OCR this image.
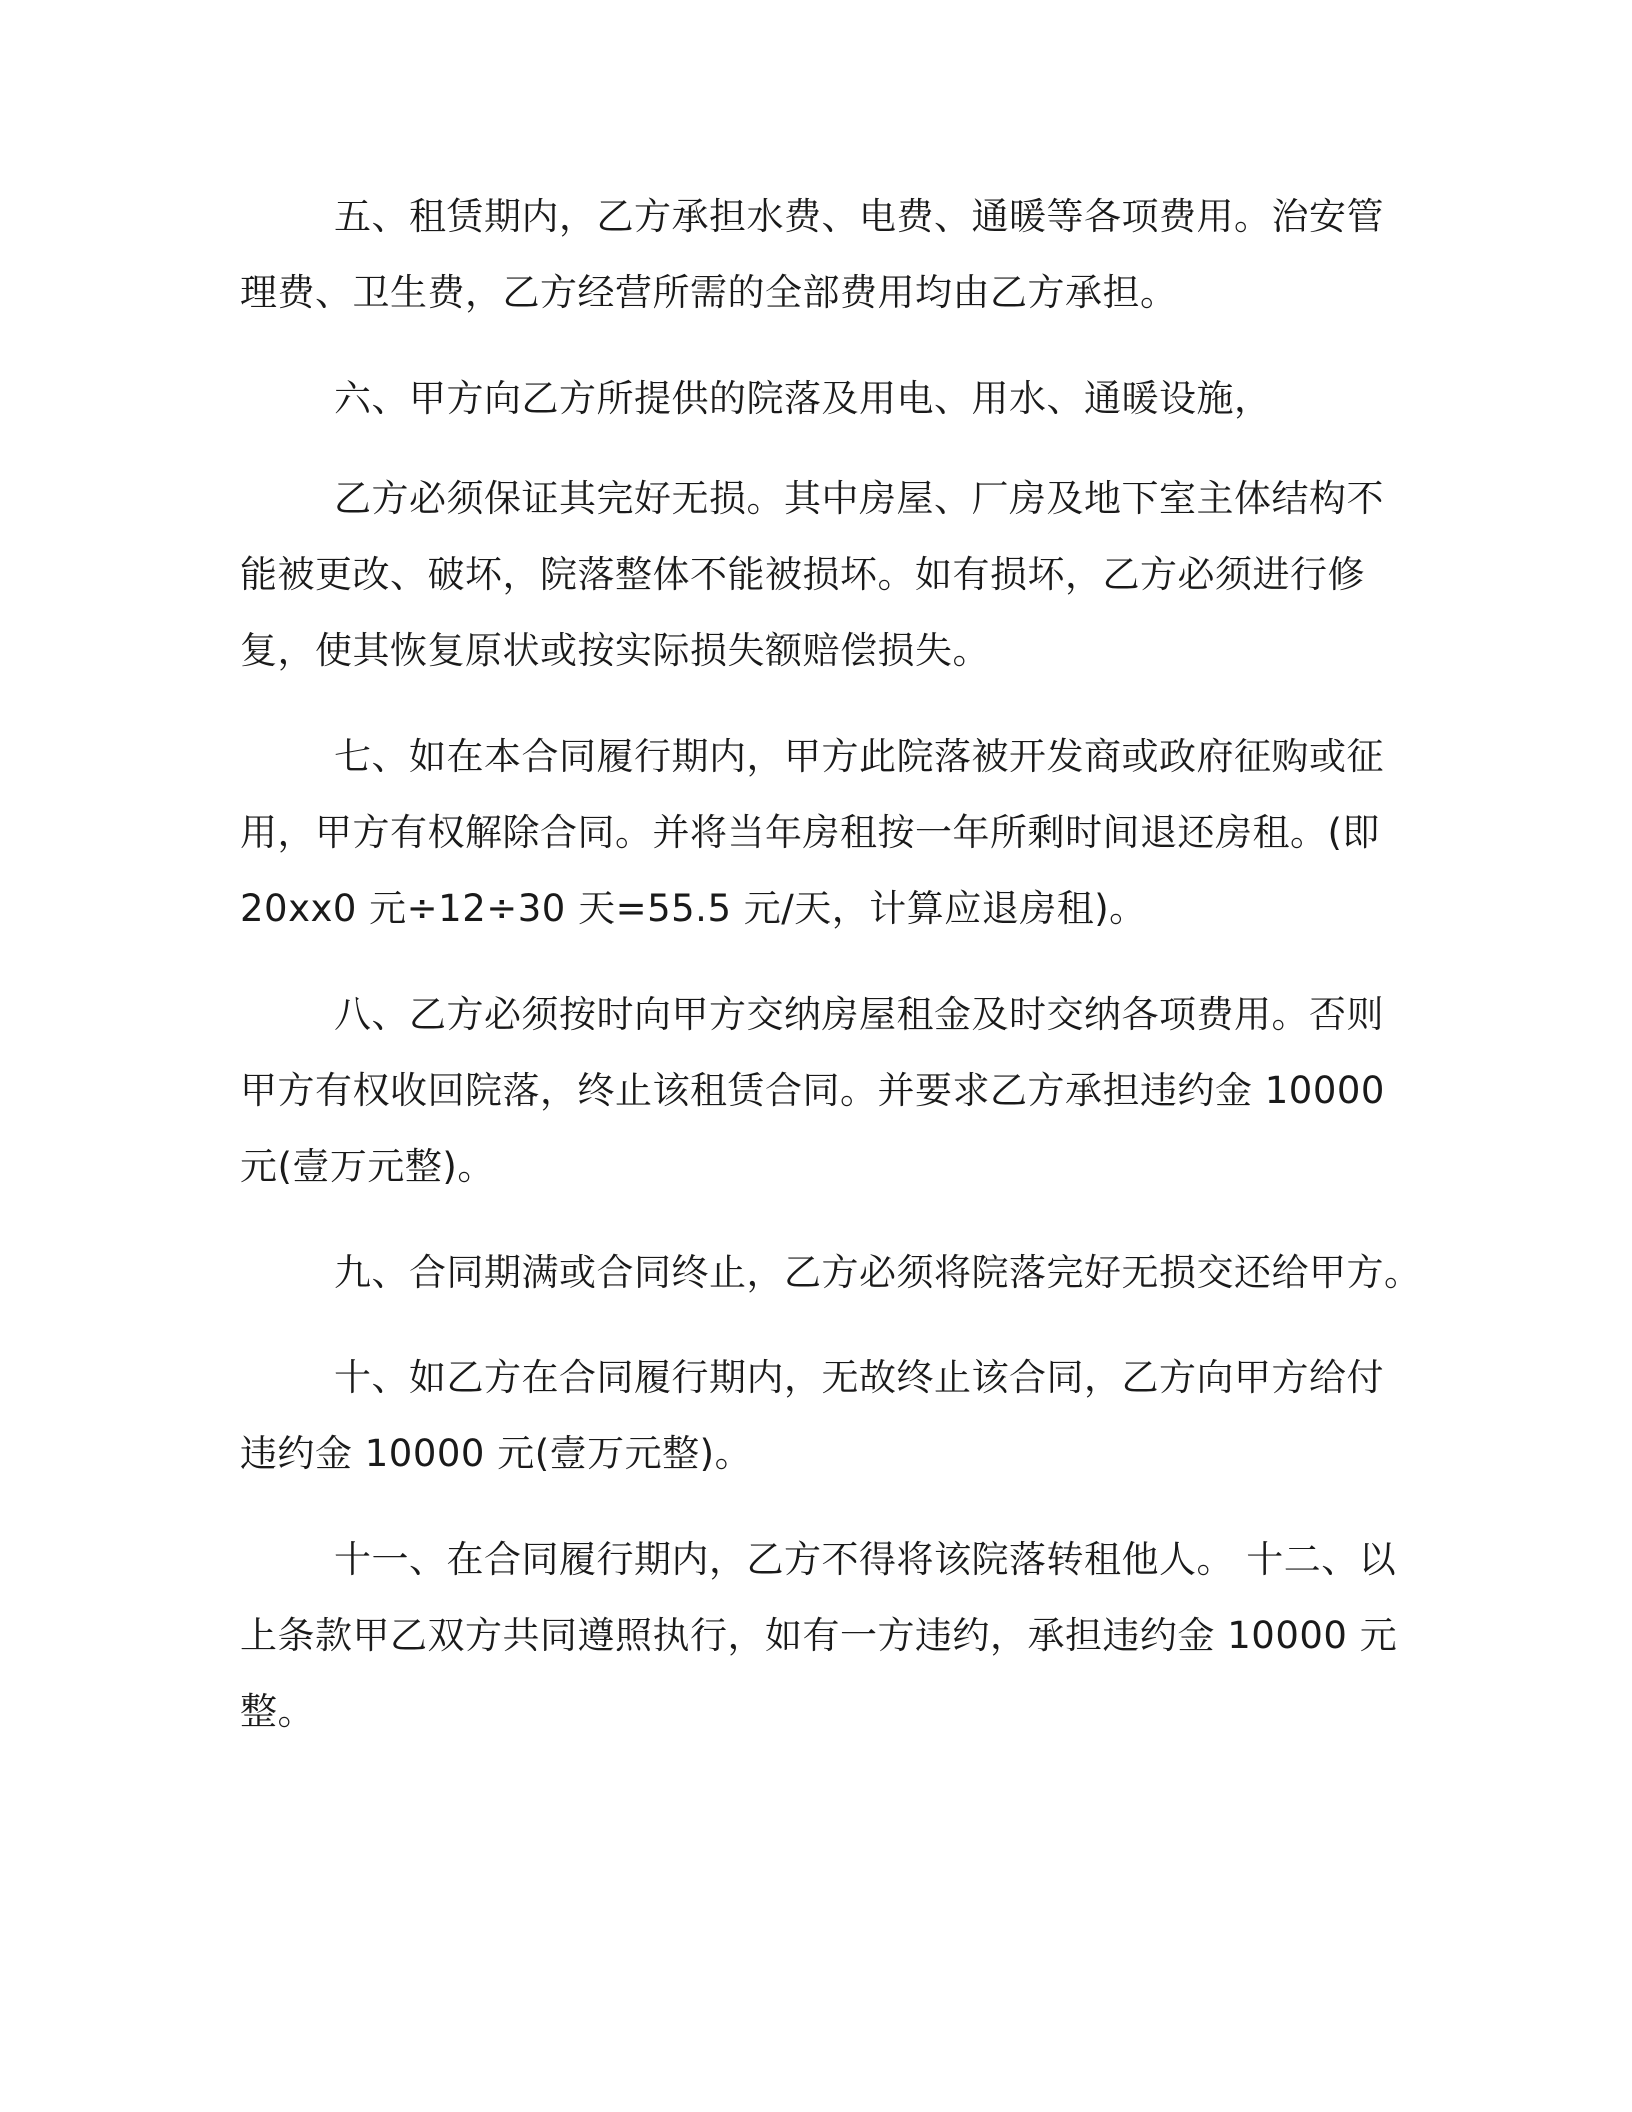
五、租赁期内，乙方承担水费、电费、通暖等各项费用。治安管
理费、卫生费，乙方经营所需的全部费用均由乙方承担。
六、甲方向乙方所提供的院落及用电、用水、通暖设施，
乙方必须保证其完好无损。其中房屋、厂房及地下室主体结构不
能被更改、破坏，院落整体不能被损坏。如有损坏，乙方必须进行修
复，使其恢复原状或按实际损失额赔偿损失。
七、如在本合同履行期内，甲方此院落被开发商或政府征购或征
用，甲方有权解除合同。并将当年房租按一年所剩时间退还房租。(即
20xx0 元÷12÷30 天=55.5 元/天，计算应退房租)。
八、乙方必须按时向甲方交纳房屋租金及时交纳各项费用。否则
甲方有权收回院落，终止该租赁合同。并要求乙方承担违约金 10000
元(壹万元整)。
九、合同期满或合同终止，乙方必须将院落完好无损交还给甲方。
十、如乙方在合同履行期内，无故终止该合同，乙方向甲方给付
违约金 10000 元(壹万元整)。
十一、在合同履行期内，乙方不得将该院落转租他人。 十二、以
上条款甲乙双方共同遵照执行，如有一方违约，承担违约金 10000 元
整。
